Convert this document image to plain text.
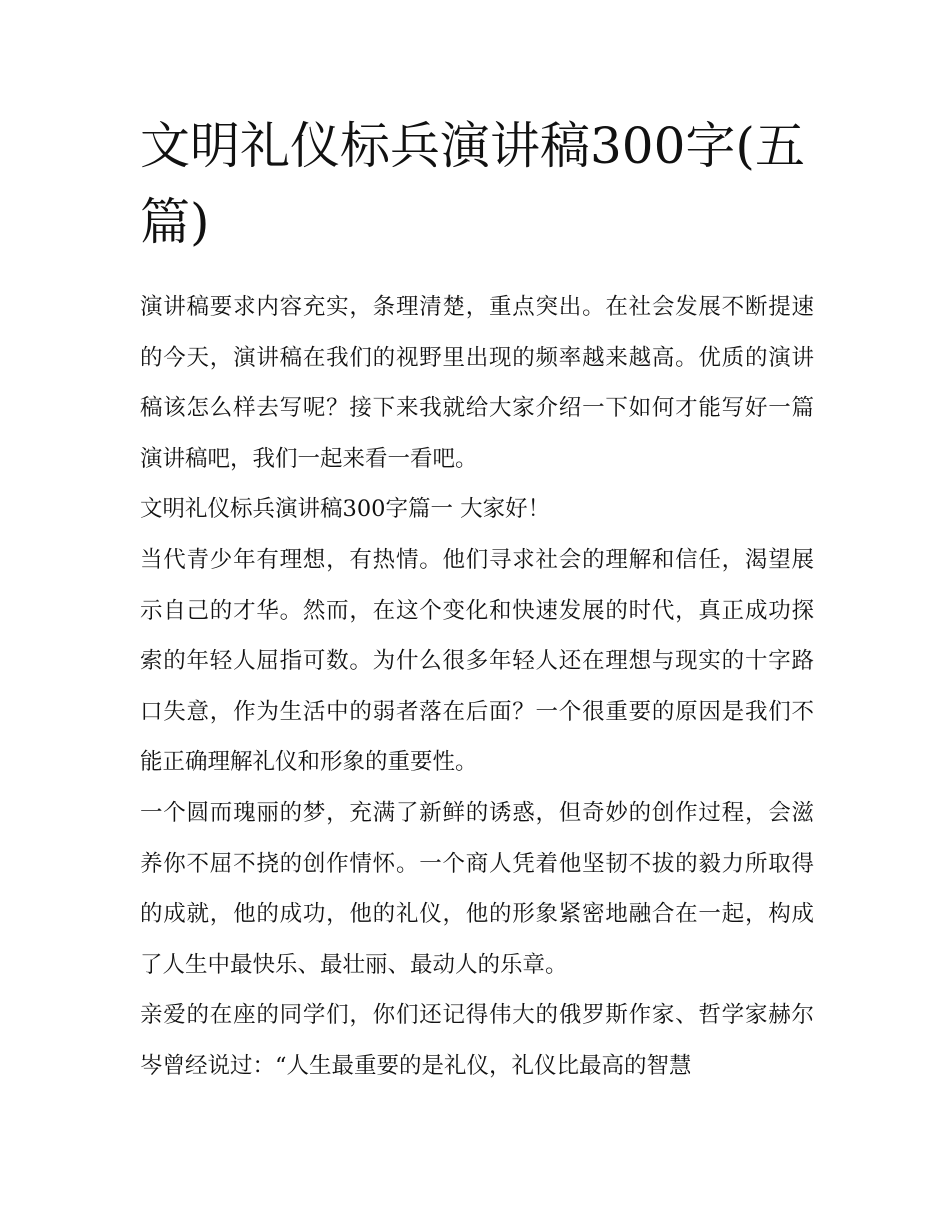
文明礼仪标兵演讲稿300字(五篇)

演讲稿要求内容充实，条理清楚，重点突出。在社会发展不断提速的今天，演讲稿在我们的视野里出现的频率越来越高。优质的演讲稿该怎么样去写呢？接下来我就给大家介绍一下如何才能写好一篇演讲稿吧，我们一起来看一看吧。

文明礼仪标兵演讲稿300字篇一 大家好！

当代青少年有理想，有热情。他们寻求社会的理解和信任，渴望展示自己的才华。然而，在这个变化和快速发展的时代，真正成功探索的年轻人屈指可数。为什么很多年轻人还在理想与现实的十字路口失意，作为生活中的弱者落在后面？一个很重要的原因是我们不能正确理解礼仪和形象的重要性。

一个圆而瑰丽的梦，充满了新鲜的诱惑，但奇妙的创作过程，会滋养你不屈不挠的创作情怀。一个商人凭着他坚韧不拔的毅力所取得的成就，他的成功，他的礼仪，他的形象紧密地融合在一起，构成了人生中最快乐、最壮丽、最动人的乐章。

亲爱的在座的同学们，你们还记得伟大的俄罗斯作家、哲学家赫尔岑曾经说过：“人生最重要的是礼仪，礼仪比最高的智慧
